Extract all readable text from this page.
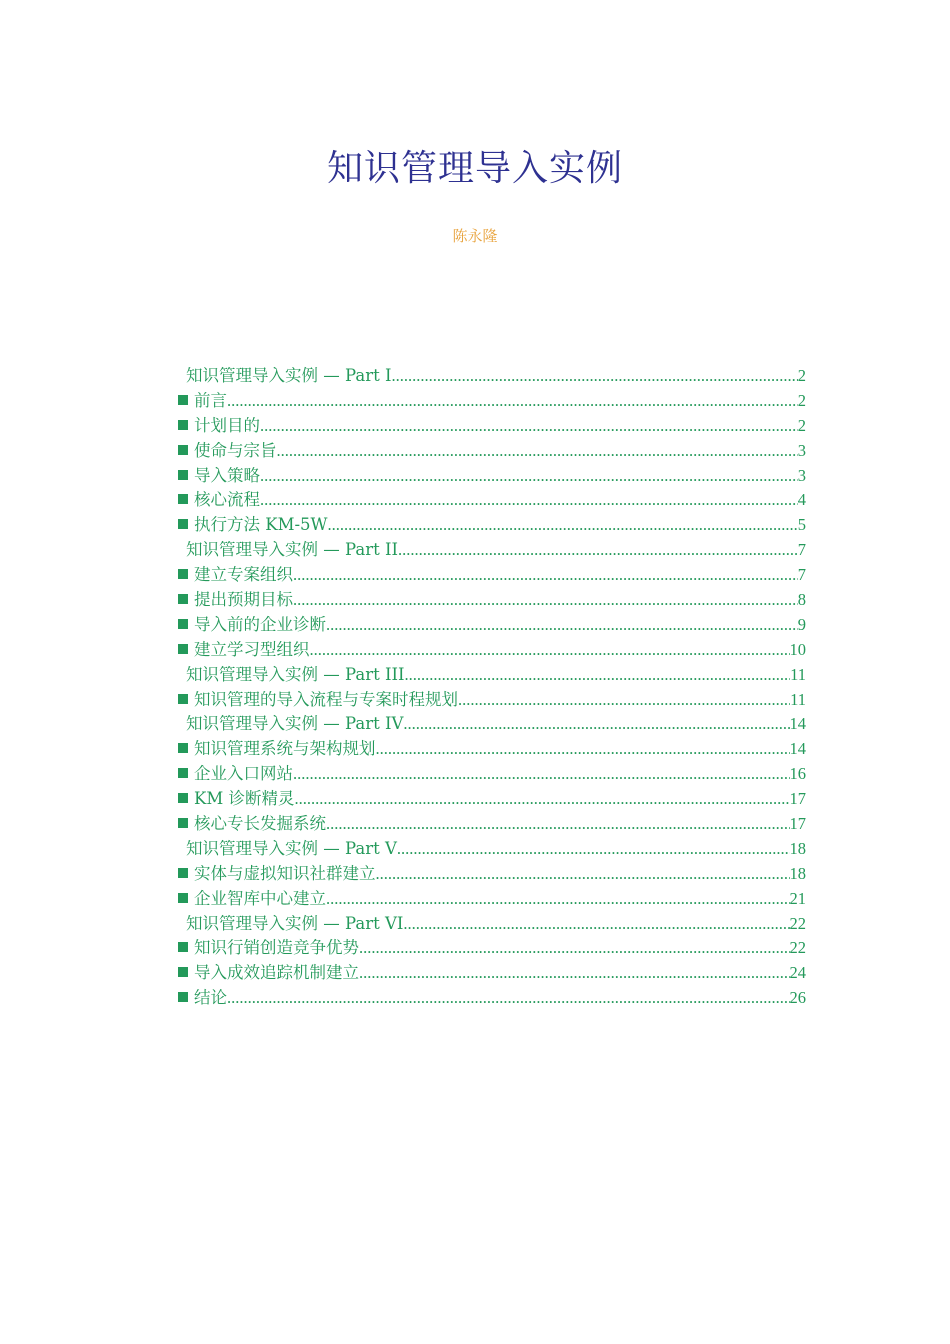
知识管理导入实例
陈永隆
知识管理导入实例 — Part I .....	2
前言 .....	2
计划目的 .....	2
使命与宗旨 .....	3
导入策略 .....	3
核心流程 .....	4
执行方法 KM-5W .....	5
知识管理导入实例 — Part II .....	7
建立专案组织 .....	7
提出预期目标 .....	8
导入前的企业诊断 .....	9
建立学习型组织 .....	10
知识管理导入实例 — Part III .....	11
知识管理的导入流程与专案时程规划 .....	11
知识管理导入实例 — Part IV .....	14
知识管理系统与架构规划 .....	14
企业入口网站 .....	16
KM 诊断精灵 .....	17
核心专长发掘系统 .....	17
知识管理导入实例 — Part V .....	18
实体与虚拟知识社群建立 .....	18
企业智库中心建立 .....	21
知识管理导入实例 — Part VI .....	22
知识行销创造竞争优势 .....	22
导入成效追踪机制建立 .....	24
结论 .....	26
